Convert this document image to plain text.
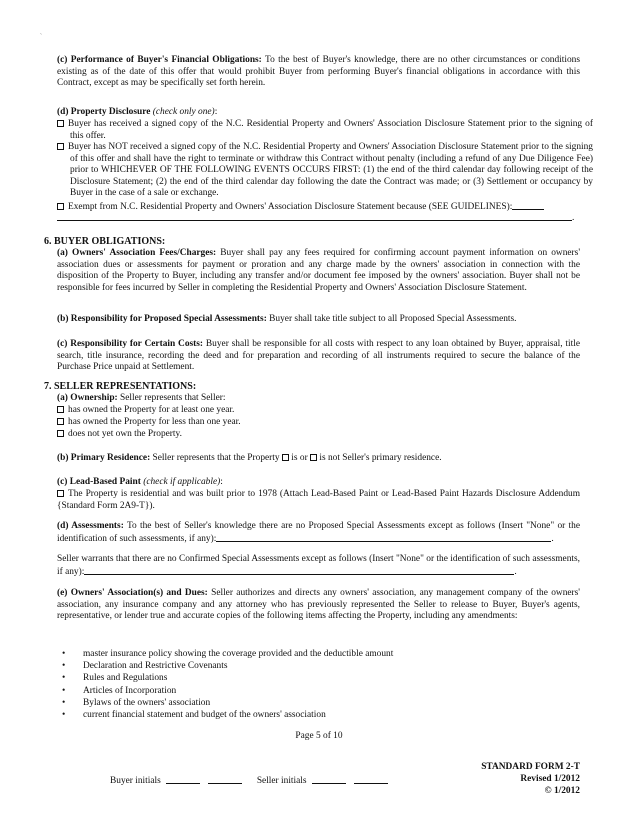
`
(c) Performance of Buyer's Financial Obligations: To the best of Buyer's knowledge, there are no other circumstances or conditions existing as of the date of this offer that would prohibit Buyer from performing Buyer's financial obligations in accordance with this Contract, except as may be specifically set forth herein.
(d) Property Disclosure (check only one):
Buyer has received a signed copy of the N.C. Residential Property and Owners' Association Disclosure Statement prior to the signing of this offer.
Buyer has NOT received a signed copy of the N.C. Residential Property and Owners' Association Disclosure Statement prior to the signing of this offer and shall have the right to terminate or withdraw this Contract without penalty (including a refund of any Due Diligence Fee) prior to WHICHEVER OF THE FOLLOWING EVENTS OCCURS FIRST: (1) the end of the third calendar day following receipt of the Disclosure Statement; (2) the end of the third calendar day following the date the Contract was made; or (3) Settlement or occupancy by Buyer in the case of a sale or exchange.
Exempt from N.C. Residential Property and Owners' Association Disclosure Statement because (SEE GUIDELINES):
.
6. BUYER OBLIGATIONS:
(a) Owners' Association Fees/Charges: Buyer shall pay any fees required for confirming account payment information on owners' association dues or assessments for payment or proration and any charge made by the owners' association in connection with the disposition of the Property to Buyer, including any transfer and/or document fee imposed by the owners' association. Buyer shall not be responsible for fees incurred by Seller in completing the Residential Property and Owners' Association Disclosure Statement.
(b) Responsibility for Proposed Special Assessments: Buyer shall take title subject to all Proposed Special Assessments.
(c) Responsibility for Certain Costs: Buyer shall be responsible for all costs with respect to any loan obtained by Buyer, appraisal, title search, title insurance, recording the deed and for preparation and recording of all instruments required to secure the balance of the Purchase Price unpaid at Settlement.
7. SELLER REPRESENTATIONS:
(a) Ownership: Seller represents that Seller:
has owned the Property for at least one year.
has owned the Property for less than one year.
does not yet own the Property.
(b) Primary Residence: Seller represents that the Property  is or  is not Seller's primary residence.
(c) Lead-Based Paint (check if applicable):
The Property is residential and was built prior to 1978 (Attach Lead-Based Paint or Lead-Based Paint Hazards Disclosure Addendum {Standard Form 2A9-T}).
(d) Assessments: To the best of Seller's knowledge there are no Proposed Special Assessments except as follows (Insert "None" or the identification of such assessments, if any):	.
Seller warrants that there are no Confirmed Special Assessments except as follows (Insert "None" or the identification of such assessments, if any):	.
(e) Owners' Association(s) and Dues: Seller authorizes and directs any owners' association, any management company of the owners' association, any insurance company and any attorney who has previously represented the Seller to release to Buyer, Buyer's agents, representative, or lender true and accurate copies of the following items affecting the Property, including any amendments:
• master insurance policy showing the coverage provided and the deductible amount
• Declaration and Restrictive Covenants
• Rules and Regulations
• Articles of Incorporation
• Bylaws of the owners' association
• current financial statement and budget of the owners' association
Page 5 of 10
STANDARD FORM 2-T
Revised 1/2012
© 1/2012
Buyer initials	Seller initials
